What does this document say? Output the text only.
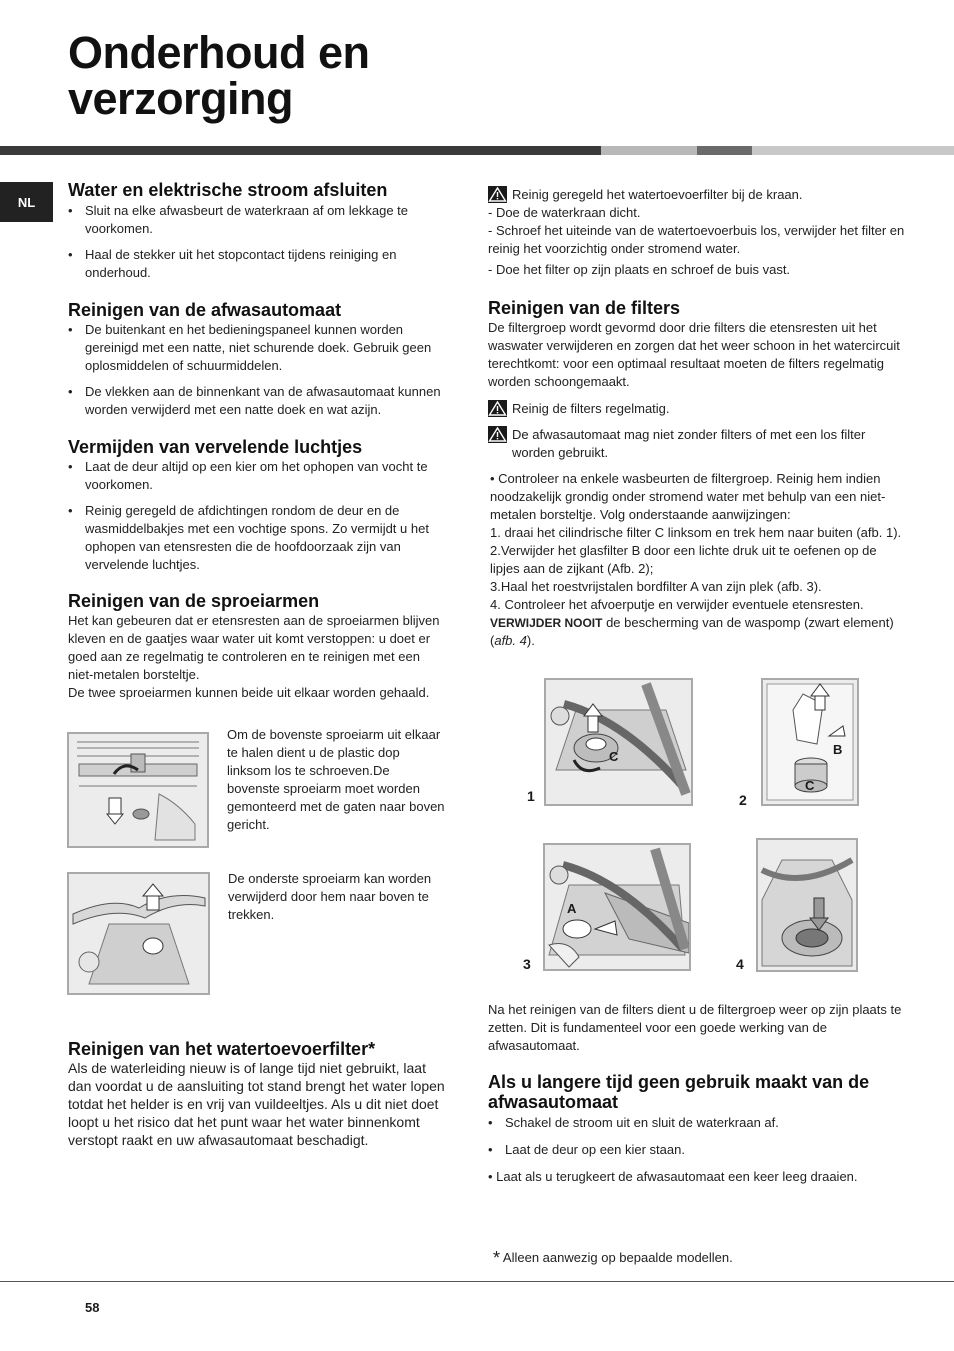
Onderhoud en
verzorging
NL
Water en elektrische stroom afsluiten
• Sluit na elke afwasbeurt de waterkraan af om lekkage te voorkomen.
• Haal de stekker uit het stopcontact tijdens reiniging en onderhoud.
Reinigen van de afwasautomaat
• De buitenkant en het bedieningspaneel kunnen worden gereinigd met een natte, niet schurende doek. Gebruik geen oplosmiddelen of schuurmiddelen.
• De vlekken aan de binnenkant van de afwasautomaat kunnen worden verwijderd met een natte doek en wat azijn.
Vermijden van vervelende luchtjes
• Laat de deur altijd op een kier om het ophopen van vocht te voorkomen.
• Reinig geregeld de afdichtingen rondom de deur en de wasmiddelbakjes met een vochtige spons. Zo vermijdt u het ophopen van etensresten die de hoofdoorzaak zijn van vervelende luchtjes.
Reinigen van de sproeiarmen

Het kan gebeuren dat er etensresten aan de sproeiarmen blijven kleven en de gaatjes waar water uit komt verstoppen: u doet er goed aan ze regelmatig te controleren en te reinigen met een niet-metalen borsteltje.

De twee sproeiarmen kunnen beide uit elkaar worden gehaald.

Om de bovenste sproeiarm uit elkaar te halen dient u de plastic dop linksom los te schroeven.De bovenste sproeiarm moet worden gemonteerd met de gaten naar boven gericht.

De onderste sproeiarm kan worden verwijderd door hem naar boven te trekken.

Reinigen van het watertoevoerfilter*

Als de waterleiding nieuw is of lange tijd niet gebruikt, laat dan voordat u de aansluiting tot stand brengt het water lopen totdat het helder is en vrij van vuildeeltjes. Als u dit niet doet loopt u het risico dat het punt waar het water binnenkomt verstopt raakt en uw afwasautomaat beschadigt.

Reinig geregeld het watertoevoerfilter bij de kraan.

- Doe de waterkraan dicht.

- Schroef het uiteinde van de watertoevoerbuis los, verwijder het filter en reinig het voorzichtig onder stromend water.

- Doe het filter op zijn plaats en schroef de buis vast.

Reinigen van de filters

De filtergroep wordt gevormd door drie filters die etensresten uit het waswater verwijderen en zorgen dat het weer schoon in het watercircuit terechtkomt: voor een optimaal resultaat moeten de filters regelmatig worden schoongemaakt.

Reinig de filters regelmatig.

De afwasautomaat mag niet zonder filters of met een los filter worden gebruikt.

• Controleer na enkele wasbeurten de filtergroep. Reinig hem indien noodzakelijk grondig onder stromend water met behulp van een niet-metalen borsteltje. Volg onderstaande aanwijzingen:

1. draai het cilindrische filter C linksom en trek hem naar buiten (afb. 1).

2.Verwijder het glasfilter B door een lichte druk uit te oefenen op de lipjes aan de zijkant (Afb. 2);

3.Haal het roestvrijstalen bordfilter A van zijn plek (afb. 3).

4. Controleer het afvoerputje en verwijder eventuele etensresten.

VERWIJDER NOOIT de bescherming van de waspomp (zwart element) (afb. 4).

C
1
B
C
2
A
3	4

Na het reinigen van de filters dient u de filtergroep weer op zijn plaats te zetten. Dit is fundamenteel voor een goede werking van de afwasautomaat.

Als u langere tijd geen gebruik maakt van de afwasautomaat
• Schakel de stroom uit en sluit de waterkraan af.
• Laat de deur op een kier staan.

• Laat als u terugkeert de afwasautomaat een keer leeg draaien.

* Alleen aanwezig op bepaalde modellen.
58
